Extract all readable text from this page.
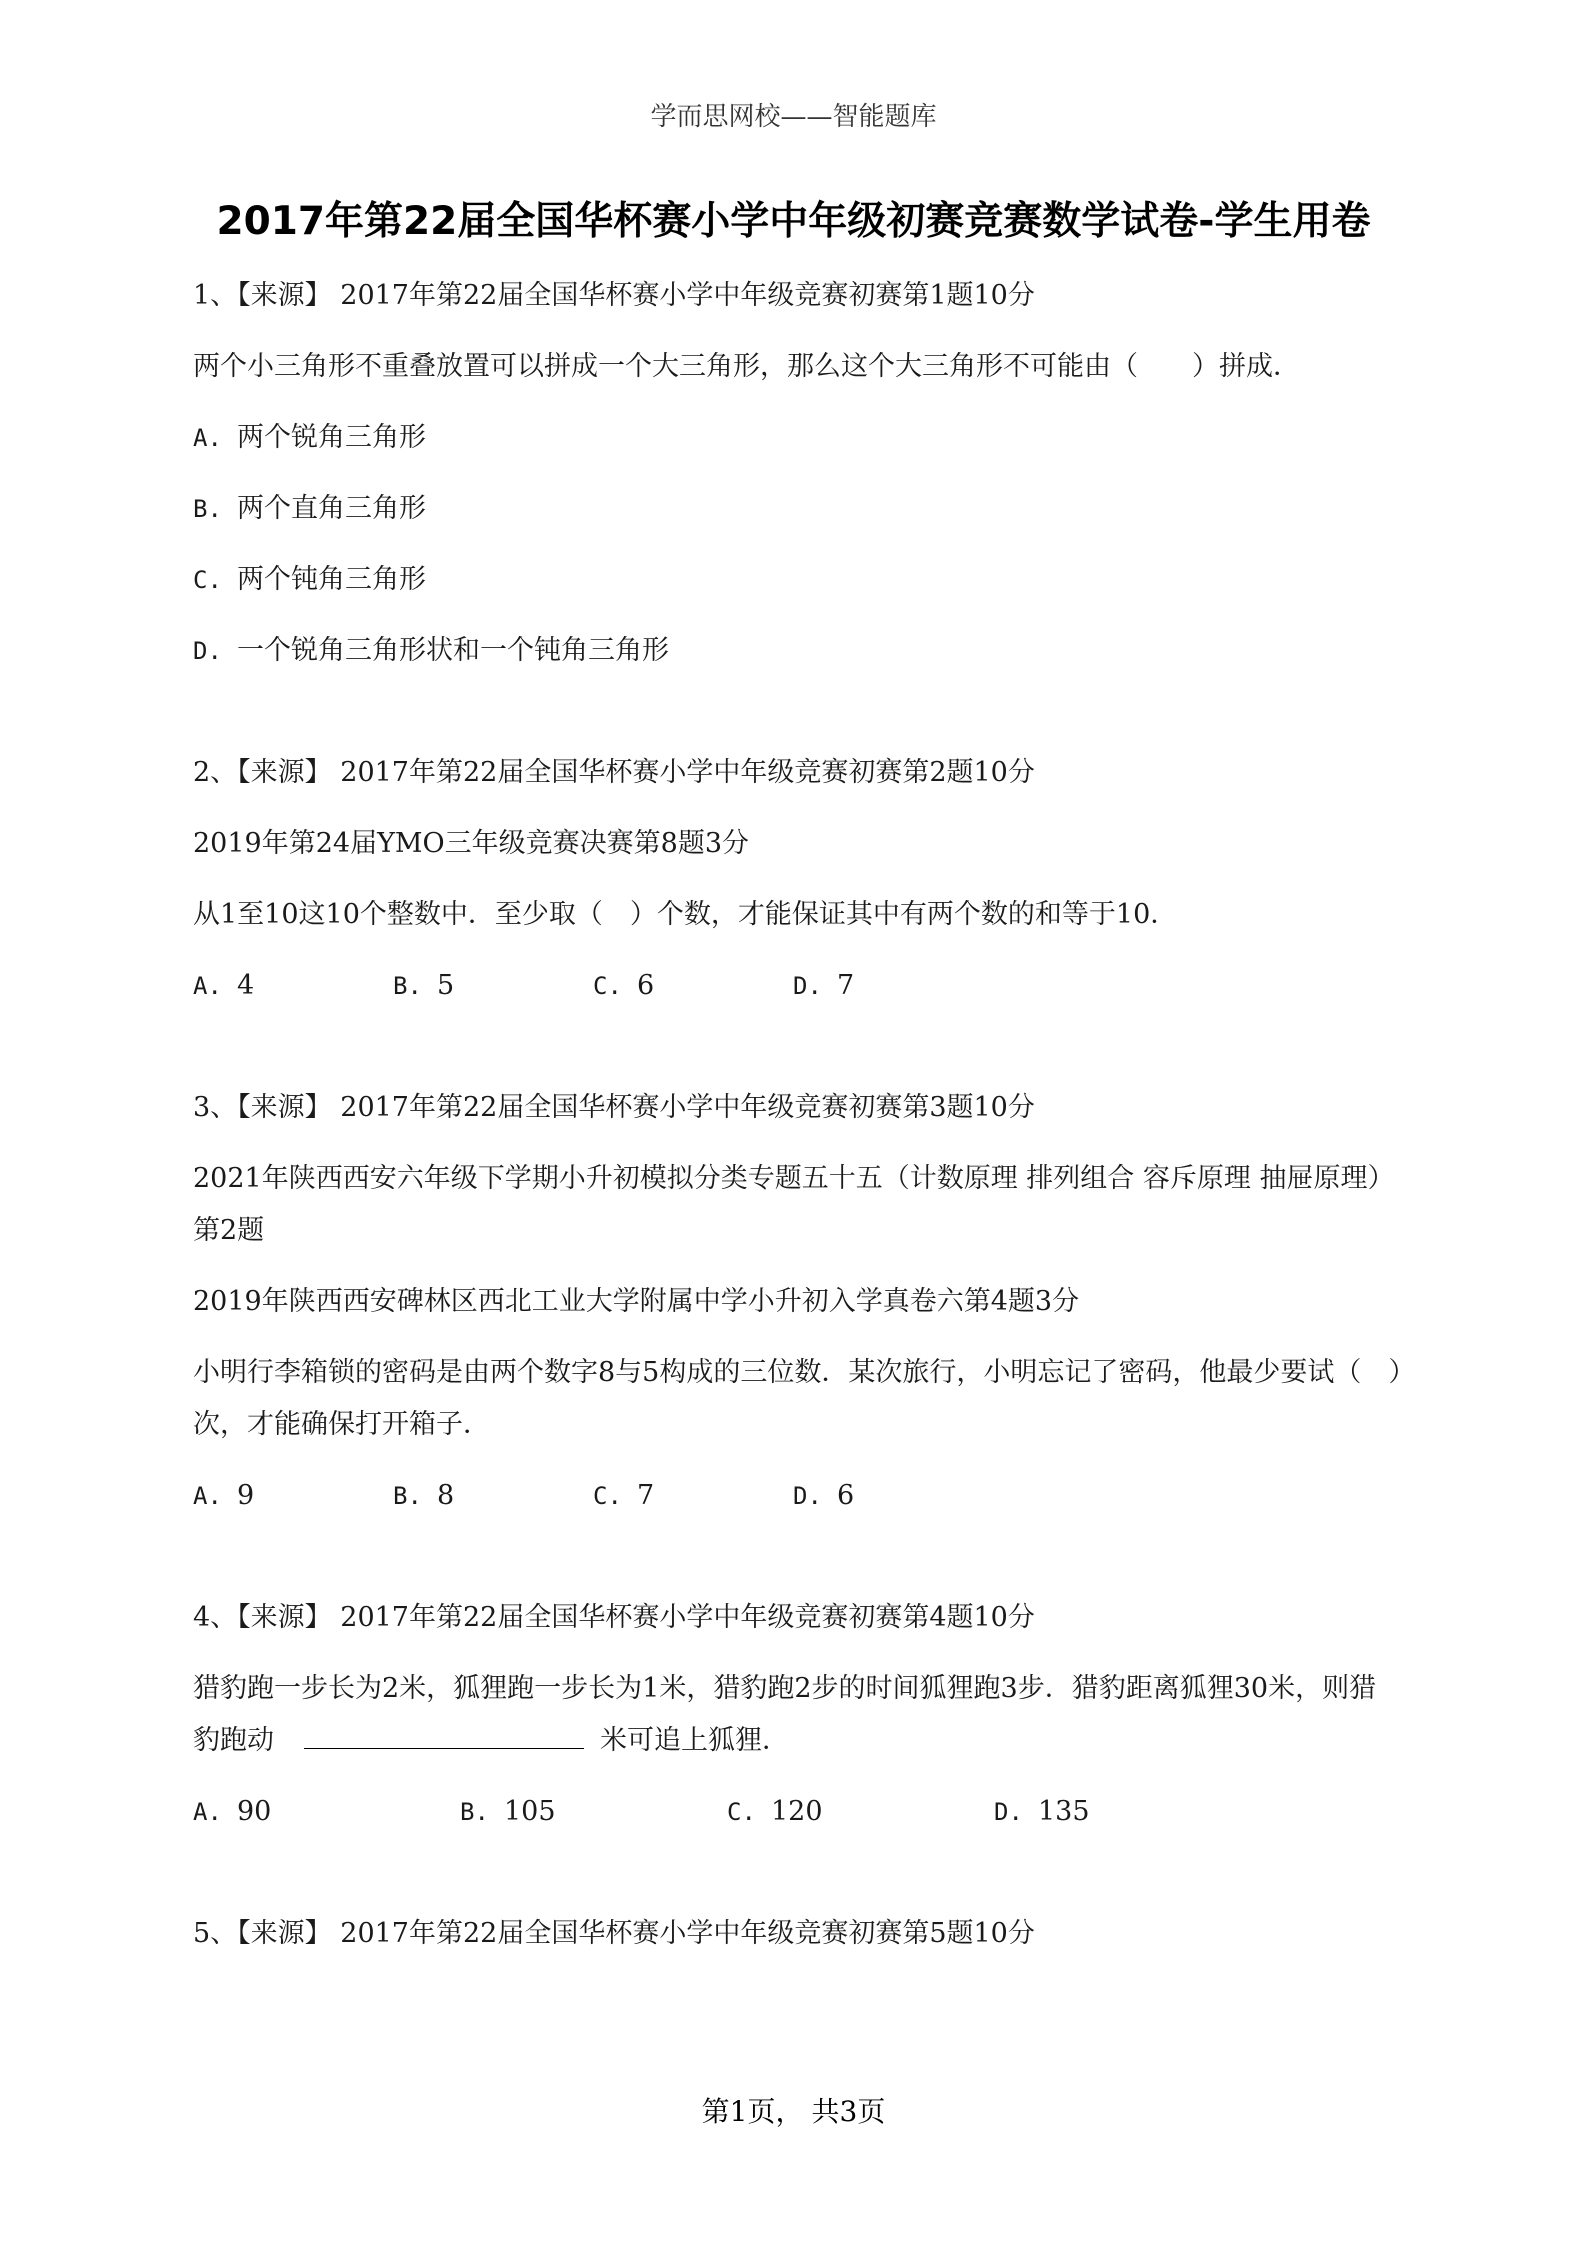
学而思网校——智能题库
2017年第22届全国华杯赛小学中年级初赛竞赛数学试卷-学生用卷

1、【来源】 2017年第22届全国华杯赛小学中年级竞赛初赛第1题10分

两个小三角形不重叠放置可以拼成一个大三角形，那么这个大三角形不可能由（　　）拼成．

A. 两个锐角三角形
B. 两个直角三角形
C. 两个钝角三角形
D. 一个锐角三角形状和一个钝角三角形

2、【来源】 2017年第22届全国华杯赛小学中年级竞赛初赛第2题10分

2019年第24届YMO三年级竞赛决赛第8题3分

从1至10这10个整数中．至少取（　）个数，才能保证其中有两个数的和等于10．

A. 4	B. 5	C. 6	D. 7

3、【来源】 2017年第22届全国华杯赛小学中年级竞赛初赛第3题10分

2021年陕西西安六年级下学期小升初模拟分类专题五十五（计数原理 排列组合 容斥原理 抽屉原理）第2题

2019年陕西西安碑林区西北工业大学附属中学小升初入学真卷六第4题3分

小明行李箱锁的密码是由两个数字8与5构成的三位数．某次旅行，小明忘记了密码，他最少要试（　）次，才能确保打开箱子．

A. 9	B. 8	C. 7	D. 6

4、【来源】 2017年第22届全国华杯赛小学中年级竞赛初赛第4题10分

猎豹跑一步长为2米，狐狸跑一步长为1米，猎豹跑2步的时间狐狸跑3步．猎豹距离狐狸30米，则猎豹跑动	米可追上狐狸．

A. 90	B. 105	C. 120	D. 135

5、【来源】 2017年第22届全国华杯赛小学中年级竞赛初赛第5题10分

第1页， 共3页
